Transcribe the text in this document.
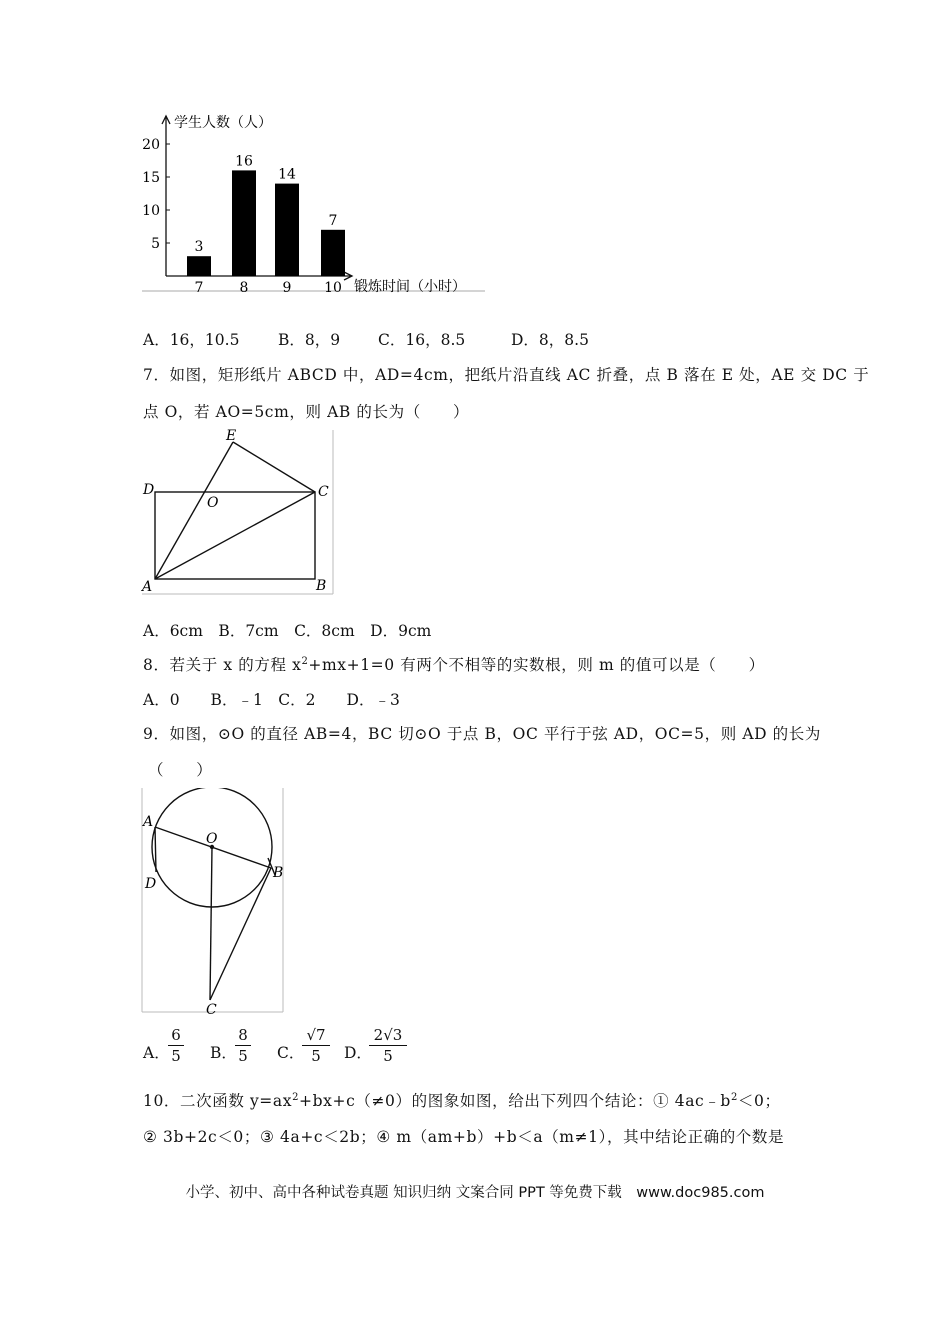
学生人数（人）
锻炼时间（小时）
5
10
15
20
3
7
16
8
14
9
7
10
A．16，10.5 B．8，9 C．16，8.5	D．8，8.5
7．如图，矩形纸片 ABCD 中，AD=4cm，把纸片沿直线 AC 折叠，点 B 落在 E 处，AE 交 DC 于
点 O，若 AO=5cm，则 AB 的长为（　　）
E
D
O
C
A	B
A．6cm　B．7cm　C．8cm　D．9cm
8．若关于 x 的方程 $x^2+mx+1=0$ 有两个不相等的实数根，则 m 的值可以是（　　）
A．0　　B．﹣1　C．2　　D．﹣3
9．如图，⊙O 的直径 AB=4，BC 切⊙O 于点 B，OC 平行于弦 AD，OC=5，则 AD 的长为
（　　）
A
O
B
D
C
A．
6
5 B．
8
5 C．
√7
5	D．
2√3
5
10．二次函数 $y=ax^2+bx+c(\ne 0)$的图象如图，给出下列四个结论：① $4ac﹣b^2<0$；
② 3b+2c＜0；③ 4a+c＜2b；④ m（am+b）+b＜a（m≠1），其中结论正确的个数是
小学、初中、高中各种试卷真题 知识归纳 文案合同 PPT 等免费下载　www.doc985.com
